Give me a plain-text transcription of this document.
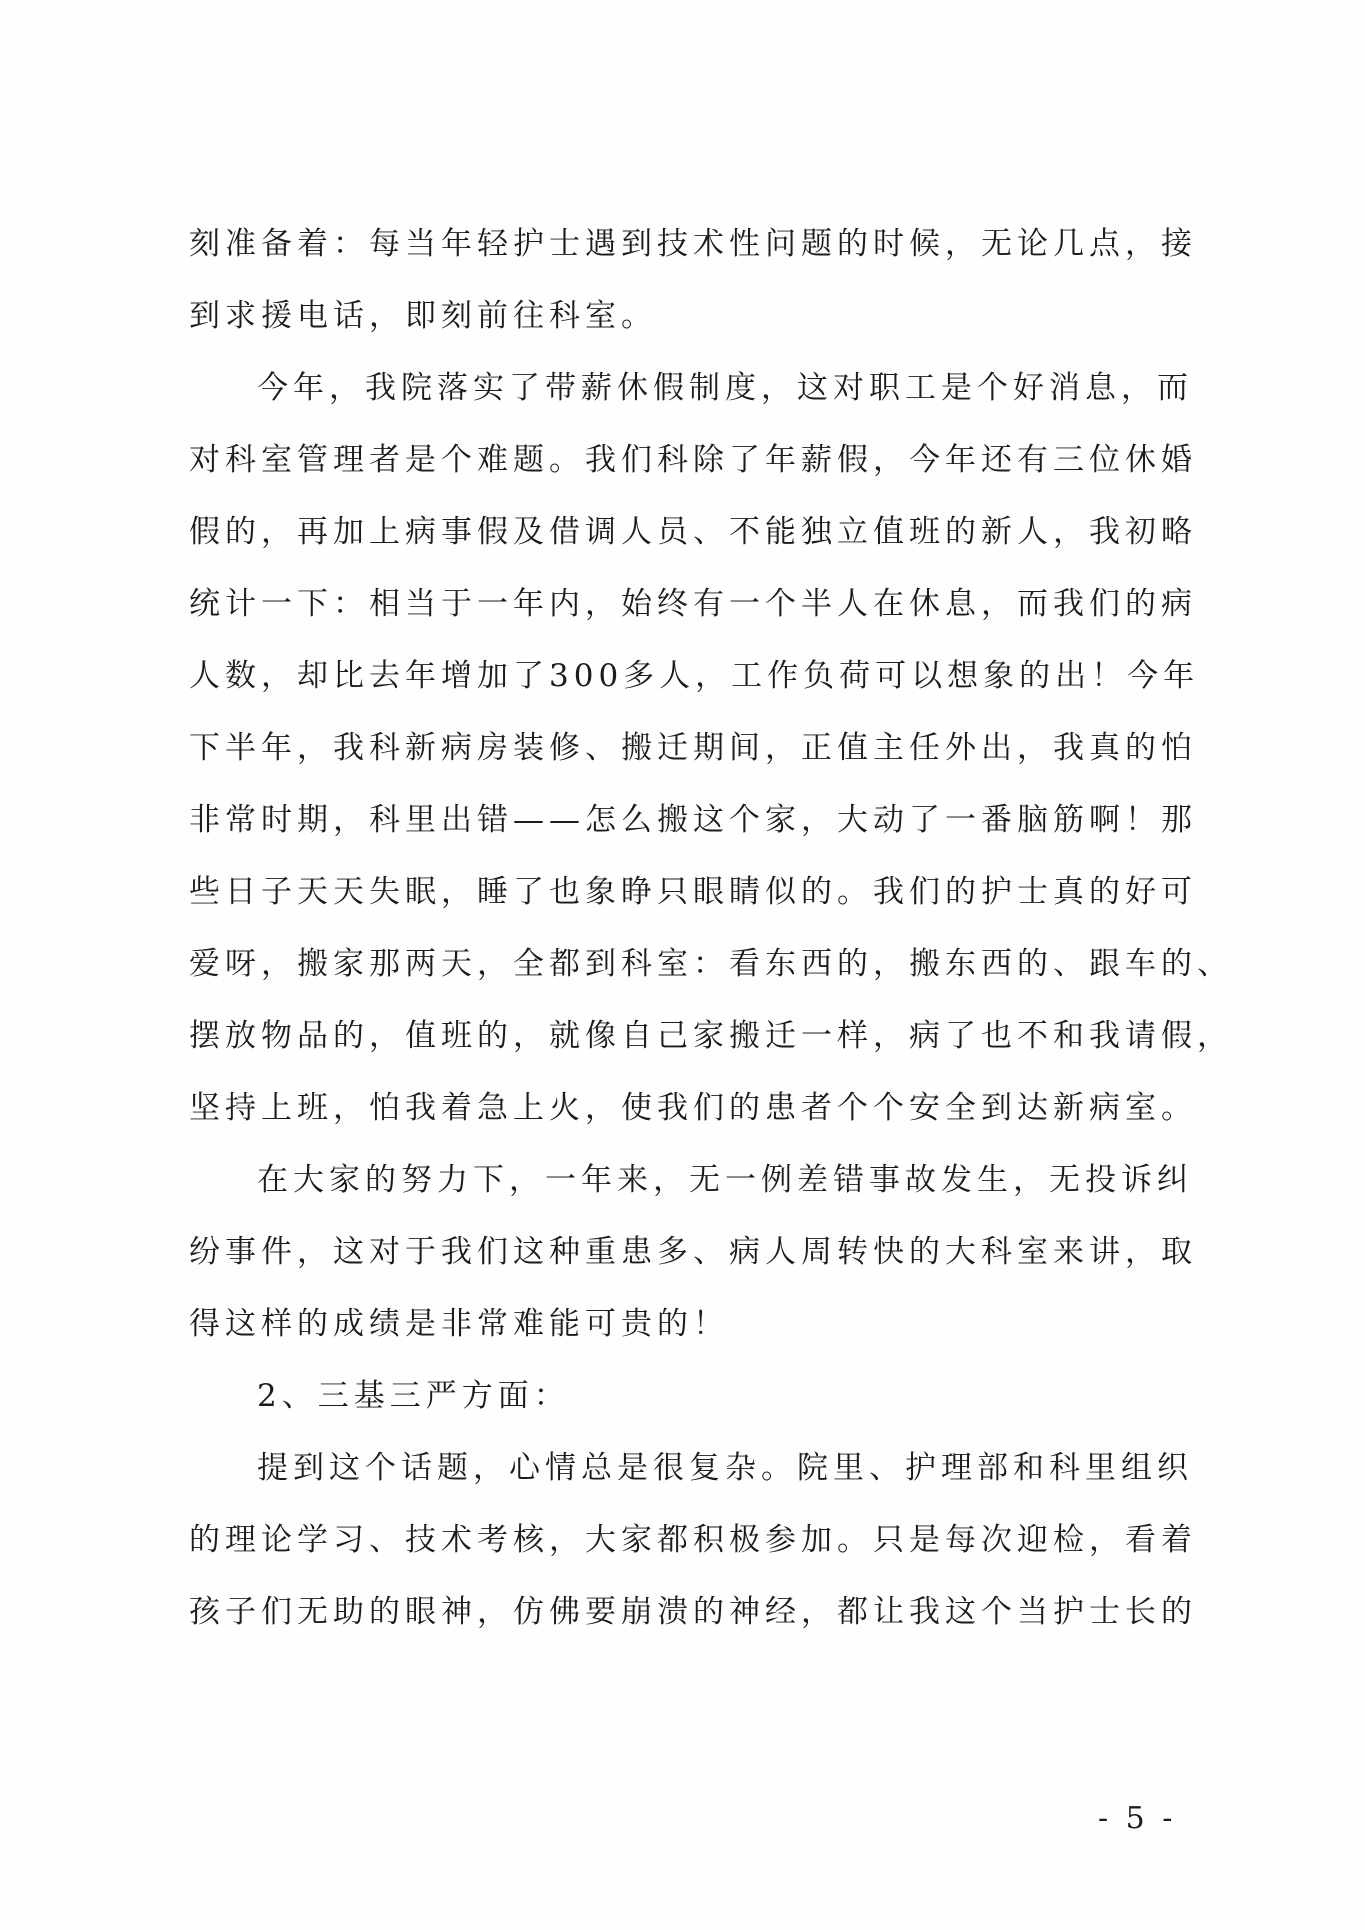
刻准备着：每当年轻护士遇到技术性问题的时候，无论几点，接
到求援电话，即刻前往科室。
今年，我院落实了带薪休假制度，这对职工是个好消息，而
对科室管理者是个难题。我们科除了年薪假，今年还有三位休婚
假的，再加上病事假及借调人员、不能独立值班的新人，我初略
统计一下：相当于一年内，始终有一个半人在休息，而我们的病
人数，却比去年增加了300多人，工作负荷可以想象的出！今年
下半年，我科新病房装修、搬迁期间，正值主任外出，我真的怕
非常时期，科里出错——怎么搬这个家，大动了一番脑筋啊！那
些日子天天失眠，睡了也象睁只眼睛似的。我们的护士真的好可
爱呀，搬家那两天，全都到科室：看东西的，搬东西的、跟车的、
摆放物品的，值班的，就像自己家搬迁一样，病了也不和我请假，
坚持上班，怕我着急上火，使我们的患者个个安全到达新病室。
在大家的努力下，一年来，无一例差错事故发生，无投诉纠
纷事件，这对于我们这种重患多、病人周转快的大科室来讲，取
得这样的成绩是非常难能可贵的！
2、三基三严方面：
提到这个话题，心情总是很复杂。院里、护理部和科里组织
的理论学习、技术考核，大家都积极参加。只是每次迎检，看着
孩子们无助的眼神，仿佛要崩溃的神经，都让我这个当护士长的
- 5 -
